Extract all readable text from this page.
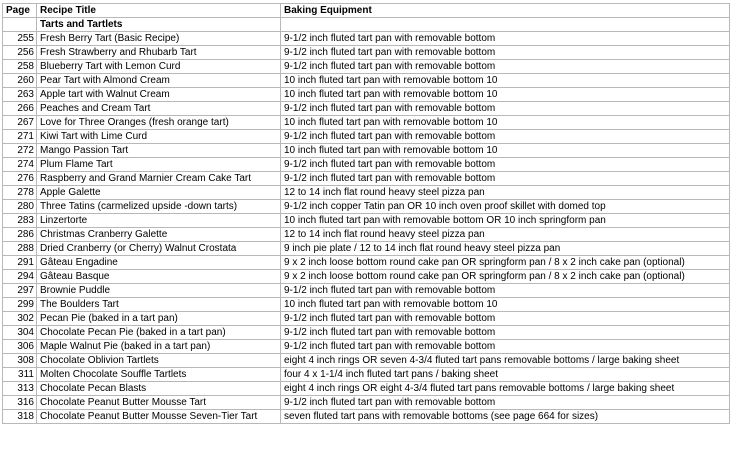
Page	Recipe Title	Baking Equipment
	Tarts and Tartlets	
255	Fresh Berry Tart (Basic Recipe)	9-1/2 inch fluted tart pan with removable bottom
256	Fresh Strawberry and Rhubarb Tart	9-1/2 inch fluted tart pan with removable bottom
258	Blueberry Tart with Lemon Curd	9-1/2 inch fluted tart pan with removable bottom
260	Pear Tart with Almond Cream	10 inch fluted tart pan with removable bottom 10
263	Apple tart with Walnut Cream	10 inch fluted tart pan with removable bottom 10
266	Peaches and Cream Tart	9-1/2 inch fluted tart pan with removable bottom
267	Love for Three Oranges (fresh orange tart)	10 inch fluted tart pan with removable bottom 10
271	Kiwi Tart with Lime Curd	9-1/2 inch fluted tart pan with removable bottom
272	Mango Passion Tart	10 inch fluted tart pan with removable bottom 10
274	Plum Flame Tart	9-1/2 inch fluted tart pan with removable bottom
276	Raspberry and Grand Marnier Cream Cake Tart	9-1/2 inch fluted tart pan with removable bottom
278	Apple Galette	12 to 14 inch flat round heavy steel pizza pan
280	Three Tatins (carmelized upside -down tarts)	9-1/2 inch copper Tatin pan OR 10 inch oven proof skillet with domed top
283	Linzertorte	10 inch fluted tart pan with removable bottom OR 10 inch springform pan
286	Christmas Cranberry Galette	12 to 14 inch flat round heavy steel pizza pan
288	Dried Cranberry (or Cherry) Walnut Crostata	9 inch pie plate / 12 to 14 inch flat round heavy steel pizza pan
291	Gâteau Engadine	9 x 2 inch loose bottom round cake pan OR springform pan / 8 x 2 inch cake pan (optional)
294	Gâteau Basque	9 x 2 inch loose bottom round cake pan OR springform pan / 8 x 2 inch cake pan (optional)
297	Brownie Puddle	9-1/2 inch fluted tart pan with removable bottom
299	The Boulders Tart	10 inch fluted tart pan with removable bottom 10
302	Pecan Pie (baked in a tart pan)	9-1/2 inch fluted tart pan with removable bottom
304	Chocolate Pecan Pie (baked in a tart pan)	9-1/2 inch fluted tart pan with removable bottom
306	Maple Walnut Pie (baked in a tart pan)	9-1/2 inch fluted tart pan with removable bottom
308	Chocolate Oblivion Tartlets	eight 4 inch rings OR seven 4-3/4 fluted tart pans removable bottoms / large baking sheet
311	Molten Chocolate Souffle Tartlets	four 4 x 1-1/4 inch fluted tart pans / baking sheet
313	Chocolate Pecan Blasts	eight 4 inch rings OR eight 4-3/4 fluted tart pans removable bottoms / large baking sheet
316	Chocolate Peanut Butter Mousse Tart	9-1/2 inch fluted tart pan with removable bottom
318	Chocolate Peanut Butter Mousse Seven-Tier Tart	seven fluted tart pans with removable bottoms (see page 664 for sizes)
